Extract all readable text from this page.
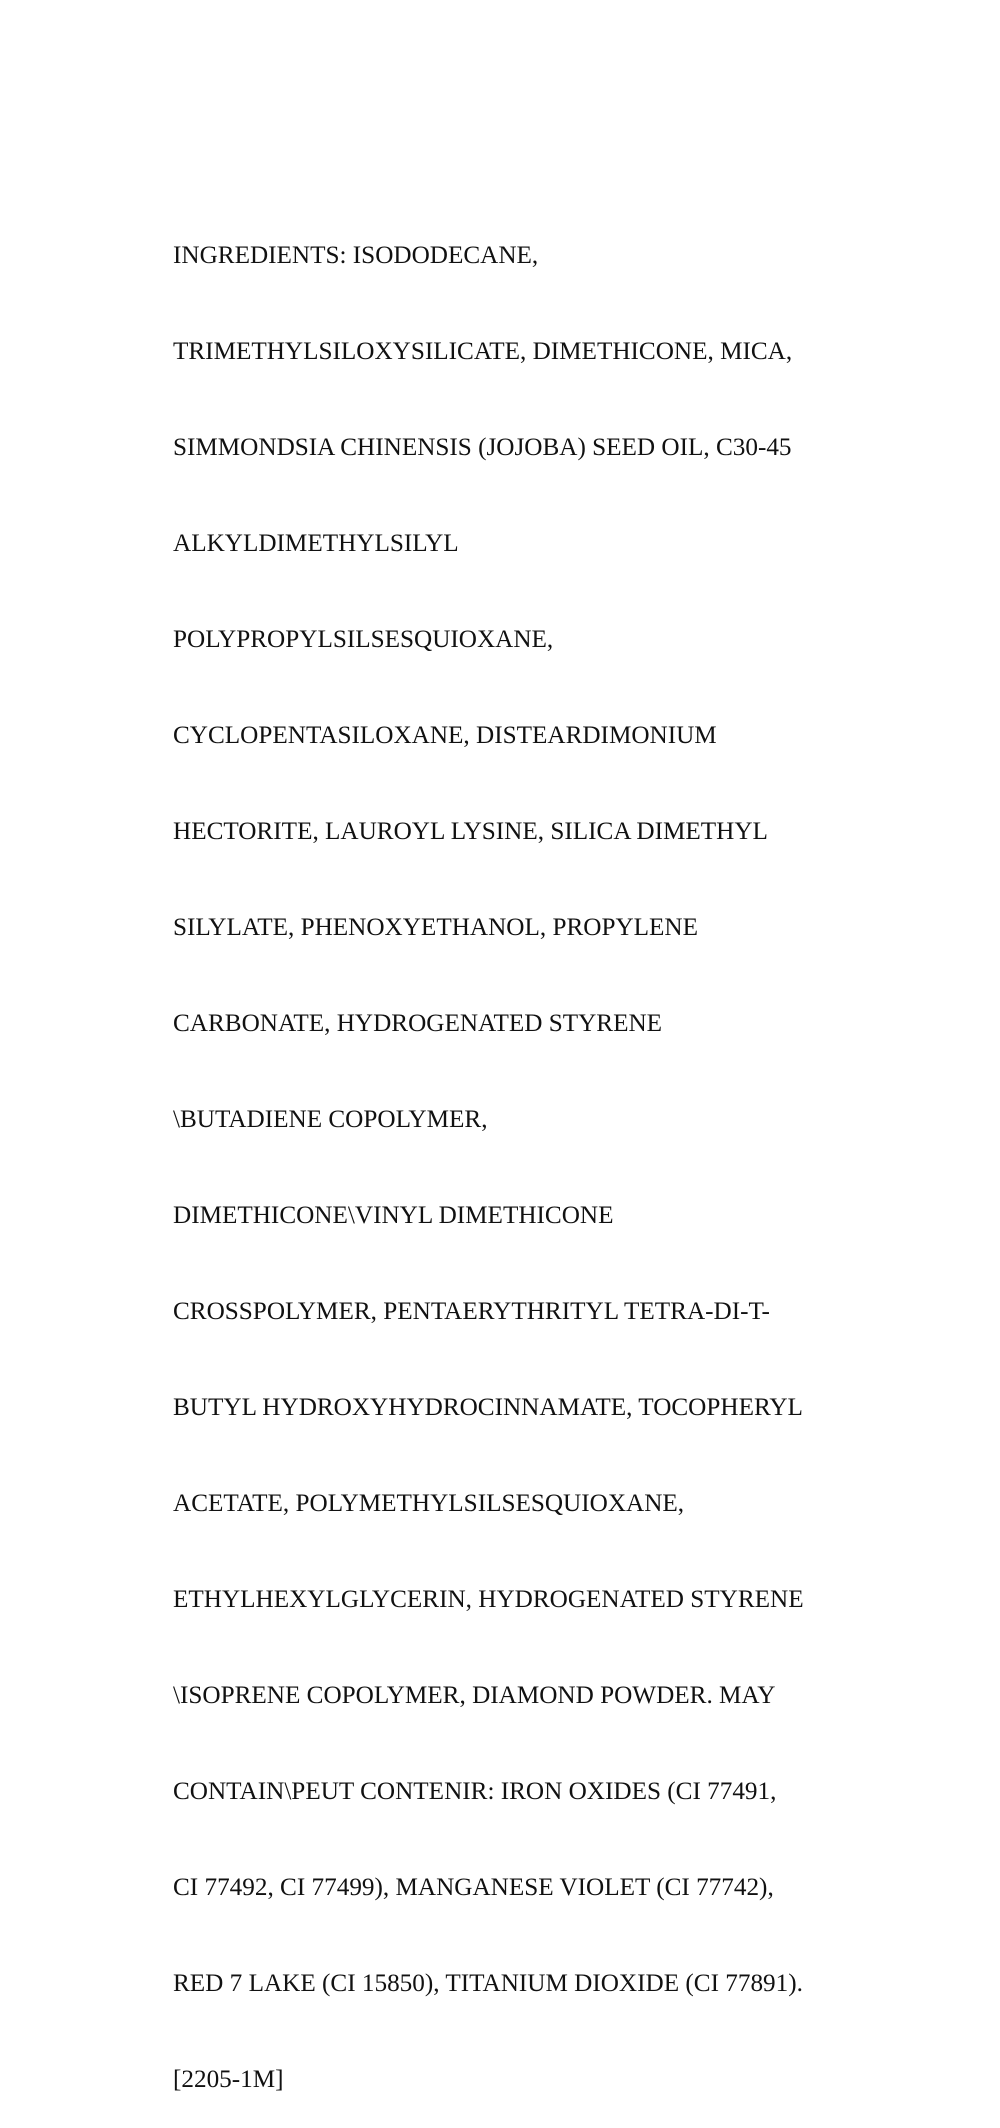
INGREDIENTS: ISODODECANE,

TRIMETHYLSILOXYSILICATE, DIMETHICONE, MICA,

SIMMONDSIA CHINENSIS (JOJOBA) SEED OIL, C30-45

ALKYLDIMETHYLSILYL

POLYPROPYLSILSESQUIOXANE,

CYCLOPENTASILOXANE, DISTEARDIMONIUM

HECTORITE, LAUROYL LYSINE, SILICA DIMETHYL

SILYLATE, PHENOXYETHANOL, PROPYLENE

CARBONATE, HYDROGENATED STYRENE

\BUTADIENE COPOLYMER,

DIMETHICONE\VINYL DIMETHICONE

CROSSPOLYMER, PENTAERYTHRITYL TETRA-DI-T-

BUTYL HYDROXYHYDROCINNAMATE, TOCOPHERYL

ACETATE, POLYMETHYLSILSESQUIOXANE,

ETHYLHEXYLGLYCERIN, HYDROGENATED STYRENE

\ISOPRENE COPOLYMER, DIAMOND POWDER. MAY

CONTAIN\PEUT CONTENIR: IRON OXIDES (CI 77491,

CI 77492, CI 77499), MANGANESE VIOLET (CI 77742),

RED 7 LAKE (CI 15850), TITANIUM DIOXIDE (CI 77891).

[2205-1M]
